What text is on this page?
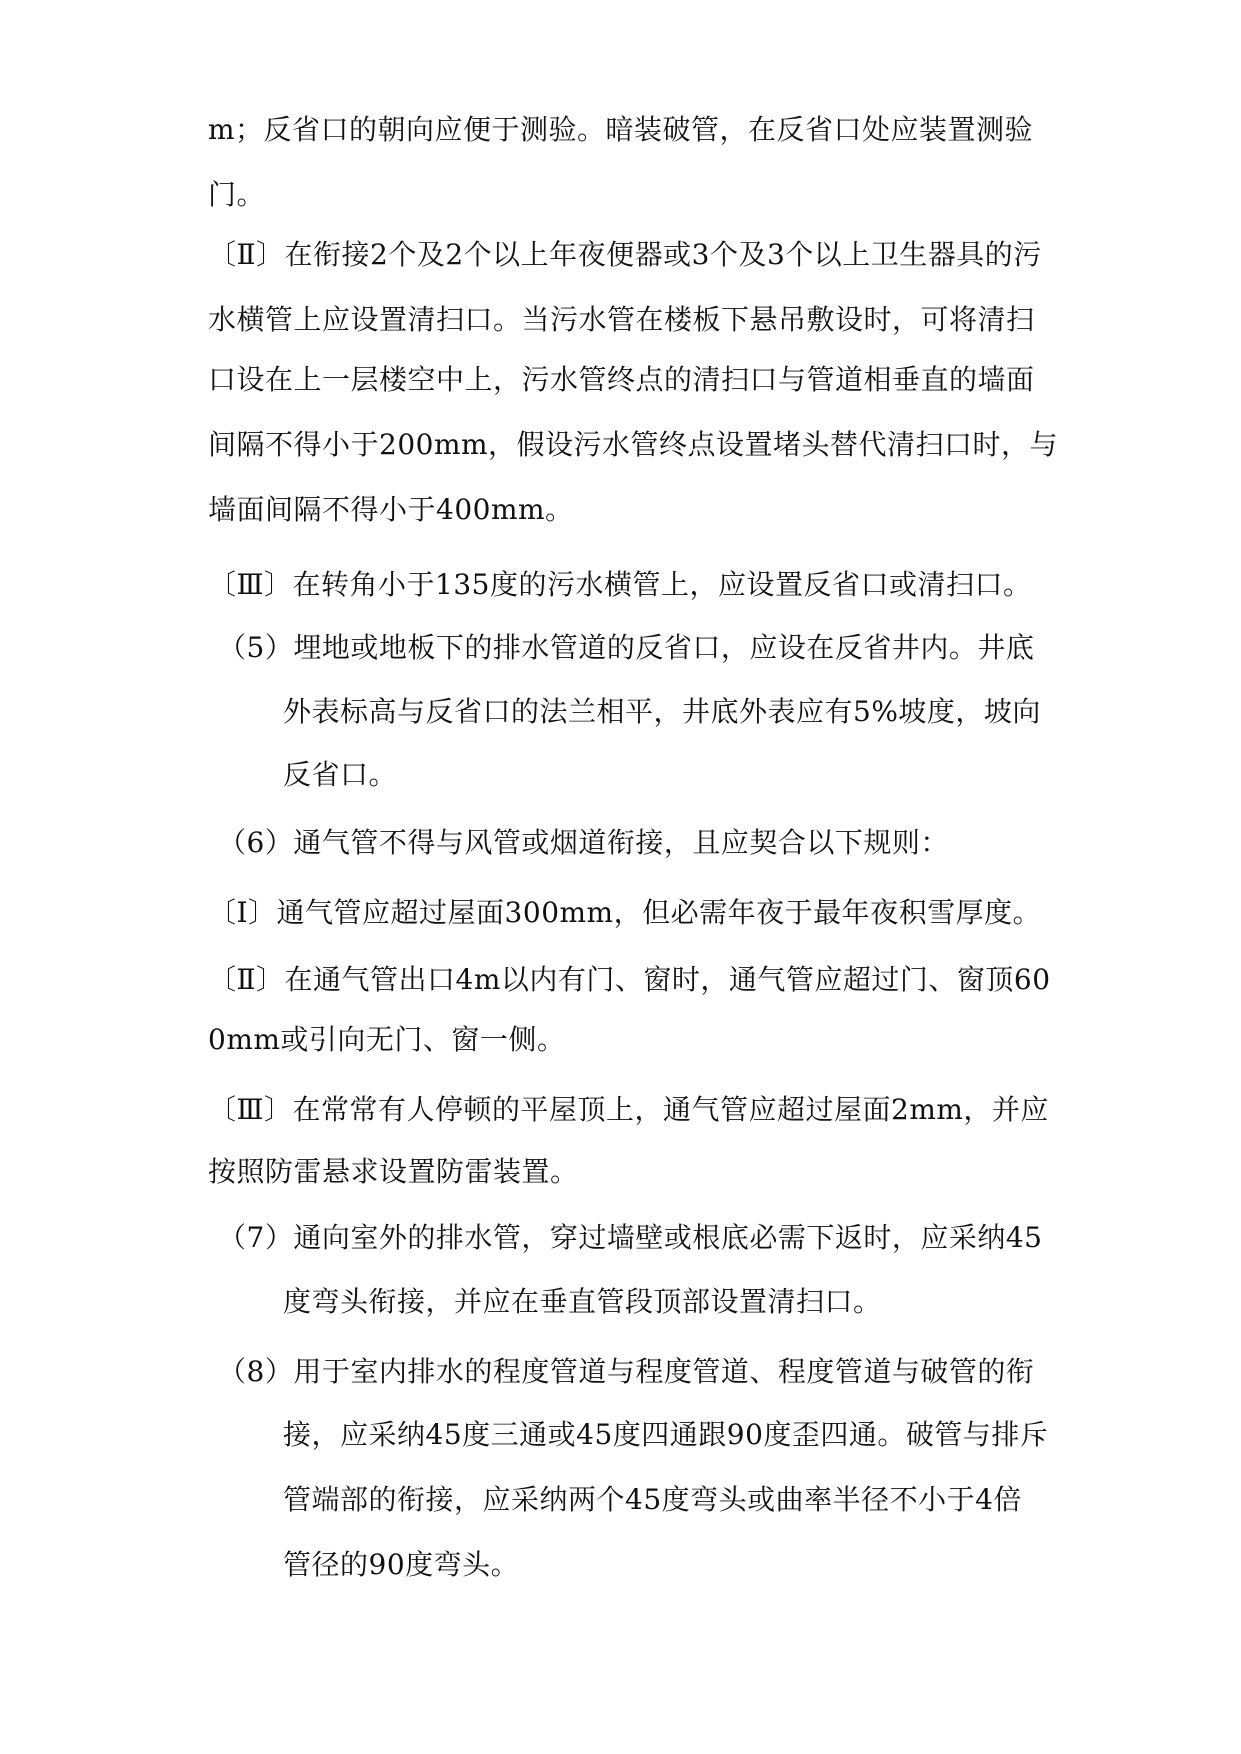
m；反省口的朝向应便于测验。暗装破管，在反省口处应装置测验
门。
〔Ⅱ〕在衔接2个及2个以上年夜便器或3个及3个以上卫生器具的污
水横管上应设置清扫口。当污水管在楼板下悬吊敷设时，可将清扫
口设在上一层楼空中上，污水管终点的清扫口与管道相垂直的墙面
间隔不得小于200mm，假设污水管终点设置堵头替代清扫口时，与
墙面间隔不得小于400mm。
〔Ⅲ〕在转角小于135度的污水横管上，应设置反省口或清扫口。
（5）埋地或地板下的排水管道的反省口，应设在反省井内。井底
外表标高与反省口的法兰相平，井底外表应有5%坡度，坡向
反省口。
（6）通气管不得与风管或烟道衔接，且应契合以下规则：
〔Ⅰ〕通气管应超过屋面300mm，但必需年夜于最年夜积雪厚度。
〔Ⅱ〕在通气管出口4m以内有门、窗时，通气管应超过门、窗顶60
0mm或引向无门、窗一侧。
〔Ⅲ〕在常常有人停顿的平屋顶上，通气管应超过屋面2mm，并应
按照防雷悬求设置防雷装置。
（7）通向室外的排水管，穿过墙壁或根底必需下返时，应采纳45
度弯头衔接，并应在垂直管段顶部设置清扫口。
（8）用于室内排水的程度管道与程度管道、程度管道与破管的衔
接，应采纳45度三通或45度四通跟90度歪四通。破管与排斥
管端部的衔接，应采纳两个45度弯头或曲率半径不小于4倍
管径的90度弯头。
